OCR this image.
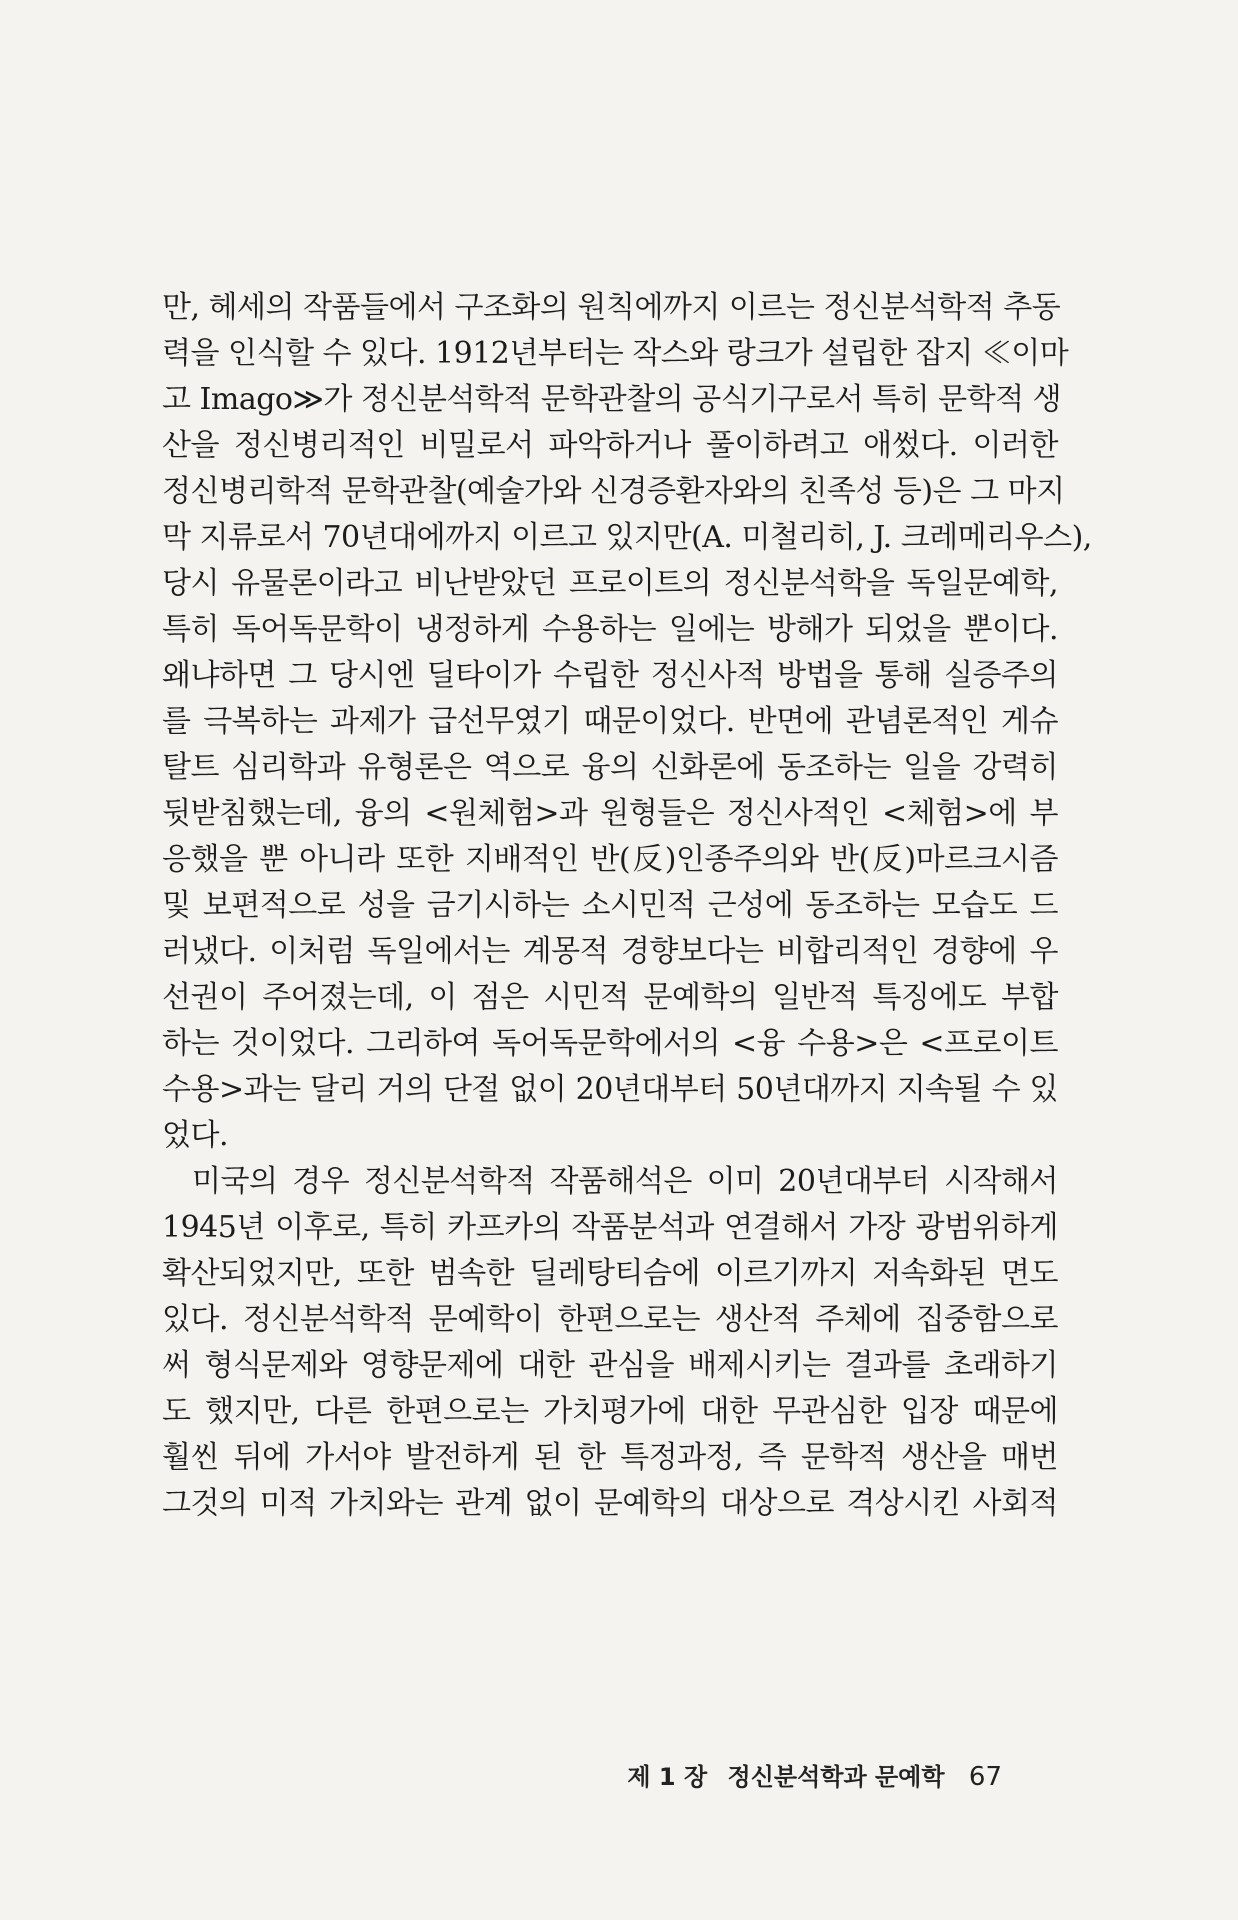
만, 헤세의 작품들에서 구조화의 원칙에까지 이르는 정신분석학적 추동
력을 인식할 수 있다. 1912년부터는 작스와 랑크가 설립한 잡지 ≪이마
고 Imago≫가 정신분석학적 문학관찰의 공식기구로서 특히 문학적 생
산을 정신병리적인 비밀로서 파악하거나 풀이하려고 애썼다. 이러한
정신병리학적 문학관찰(예술가와 신경증환자와의 친족성 등)은 그 마지
막 지류로서 70년대에까지 이르고 있지만(A. 미철리히, J. 크레메리우스),
당시 유물론이라고 비난받았던 프로이트의 정신분석학을 독일문예학,
특히 독어독문학이 냉정하게 수용하는 일에는 방해가 되었을 뿐이다.
왜냐하면 그 당시엔 딜타이가 수립한 정신사적 방법을 통해 실증주의
를 극복하는 과제가 급선무였기 때문이었다. 반면에 관념론적인 게슈
탈트 심리학과 유형론은 역으로 융의 신화론에 동조하는 일을 강력히
뒷받침했는데, 융의 <원체험>과 원형들은 정신사적인 <체험>에 부
응했을 뿐 아니라 또한 지배적인 반(反)인종주의와 반(反)마르크시즘
및 보편적으로 성을 금기시하는 소시민적 근성에 동조하는 모습도 드
러냈다. 이처럼 독일에서는 계몽적 경향보다는 비합리적인 경향에 우
선권이 주어졌는데, 이 점은 시민적 문예학의 일반적 특징에도 부합
하는 것이었다. 그리하여 독어독문학에서의 <융 수용>은 <프로이트
수용>과는 달리 거의 단절 없이 20년대부터 50년대까지 지속될 수 있
었다.
미국의 경우 정신분석학적 작품해석은 이미 20년대부터 시작해서
1945년 이후로, 특히 카프카의 작품분석과 연결해서 가장 광범위하게
확산되었지만, 또한 범속한 딜레탕티슴에 이르기까지 저속화된 면도
있다. 정신분석학적 문예학이 한편으로는 생산적 주체에 집중함으로
써 형식문제와 영향문제에 대한 관심을 배제시키는 결과를 초래하기
도 했지만, 다른 한편으로는 가치평가에 대한 무관심한 입장 때문에
훨씬 뒤에 가서야 발전하게 된 한 특정과정, 즉 문학적 생산을 매번
그것의 미적 가치와는 관계 없이 문예학의 대상으로 격상시킨 사회적
제 1 장 정신분석학과 문예학 67
